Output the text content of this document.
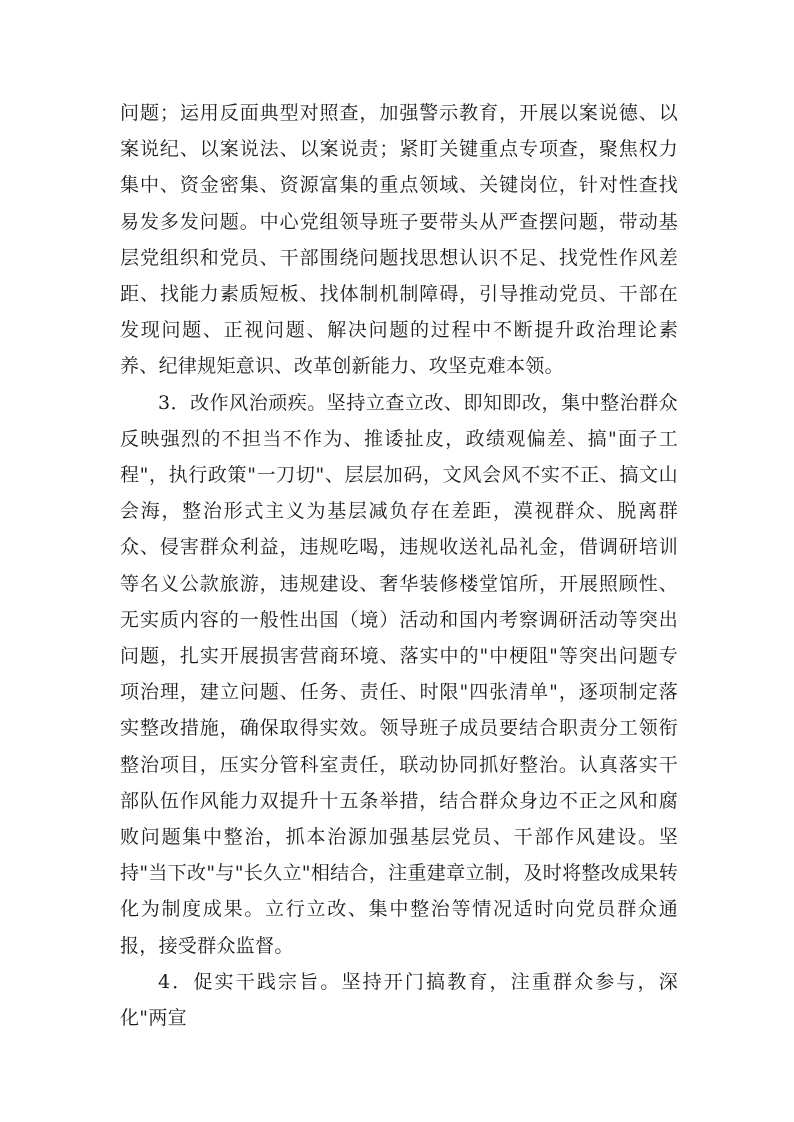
问题；运用反面典型对照查，加强警示教育，开展以案说德、以案说纪、以案说法、以案说责；紧盯关键重点专项查，聚焦权力集中、资金密集、资源富集的重点领域、关键岗位，针对性查找易发多发问题。中心党组领导班子要带头从严查摆问题，带动基层党组织和党员、干部围绕问题找思想认识不足、找党性作风差距、找能力素质短板、找体制机制障碍，引导推动党员、干部在发现问题、正视问题、解决问题的过程中不断提升政治理论素养、纪律规矩意识、改革创新能力、攻坚克难本领。

3．改作风治顽疾。坚持立查立改、即知即改，集中整治群众反映强烈的不担当不作为、推诿扯皮，政绩观偏差、搞"面子工程"，执行政策"一刀切"、层层加码，文风会风不实不正、搞文山会海，整治形式主义为基层减负存在差距，漠视群众、脱离群众、侵害群众利益，违规吃喝，违规收送礼品礼金，借调研培训等名义公款旅游，违规建设、奢华装修楼堂馆所，开展照顾性、无实质内容的一般性出国（境）活动和国内考察调研活动等突出问题，扎实开展损害营商环境、落实中的"中梗阻"等突出问题专项治理，建立问题、任务、责任、时限"四张清单"，逐项制定落实整改措施，确保取得实效。领导班子成员要结合职责分工领衔整治项目，压实分管科室责任，联动协同抓好整治。认真落实干部队伍作风能力双提升十五条举措，结合群众身边不正之风和腐败问题集中整治，抓本治源加强基层党员、干部作风建设。坚持"当下改"与"长久立"相结合，注重建章立制，及时将整改成果转化为制度成果。立行立改、集中整治等情况适时向党员群众通报，接受群众监督。

4．促实干践宗旨。坚持开门搞教育，注重群众参与，深化"两宣
